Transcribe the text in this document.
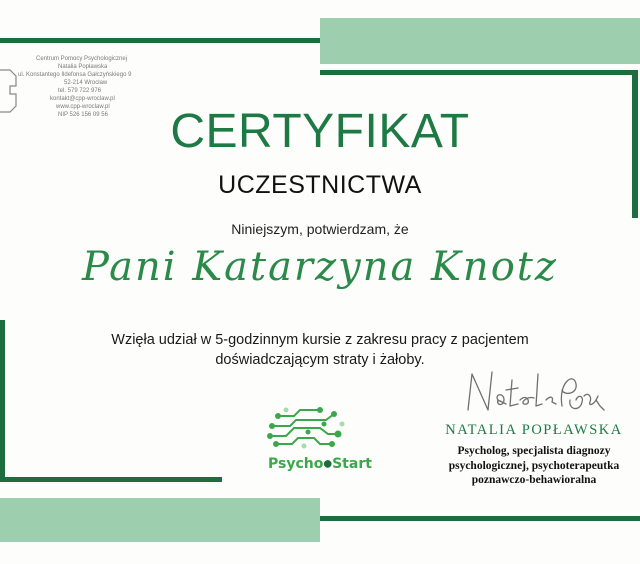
Centrum Pomocy Psychologicznej
Natalia Popławska
ul. Konstantego Ildefonsa Gałczyńskiego 9
52-214 Wrocław
tel. 579 722 976
kontakt@cpp-wroclaw.pl
www.cpp-wroclaw.pl
NIP 526 156 09 56	CERTYFIKAT
UCZESTNICTWA
Niniejszym, potwierdzam, że
Pani Katarzyna Knotz
Wzięła udział w 5-godzinnym kursie z zakresu pracy z pacjentem
doświadczającym straty i żałoby.
Psycho●Start
NATALIA POPŁAWSKA
Psycholog, specjalista diagnozy
psychologicznej, psychoterapeutka
poznawczo-behawioralna
